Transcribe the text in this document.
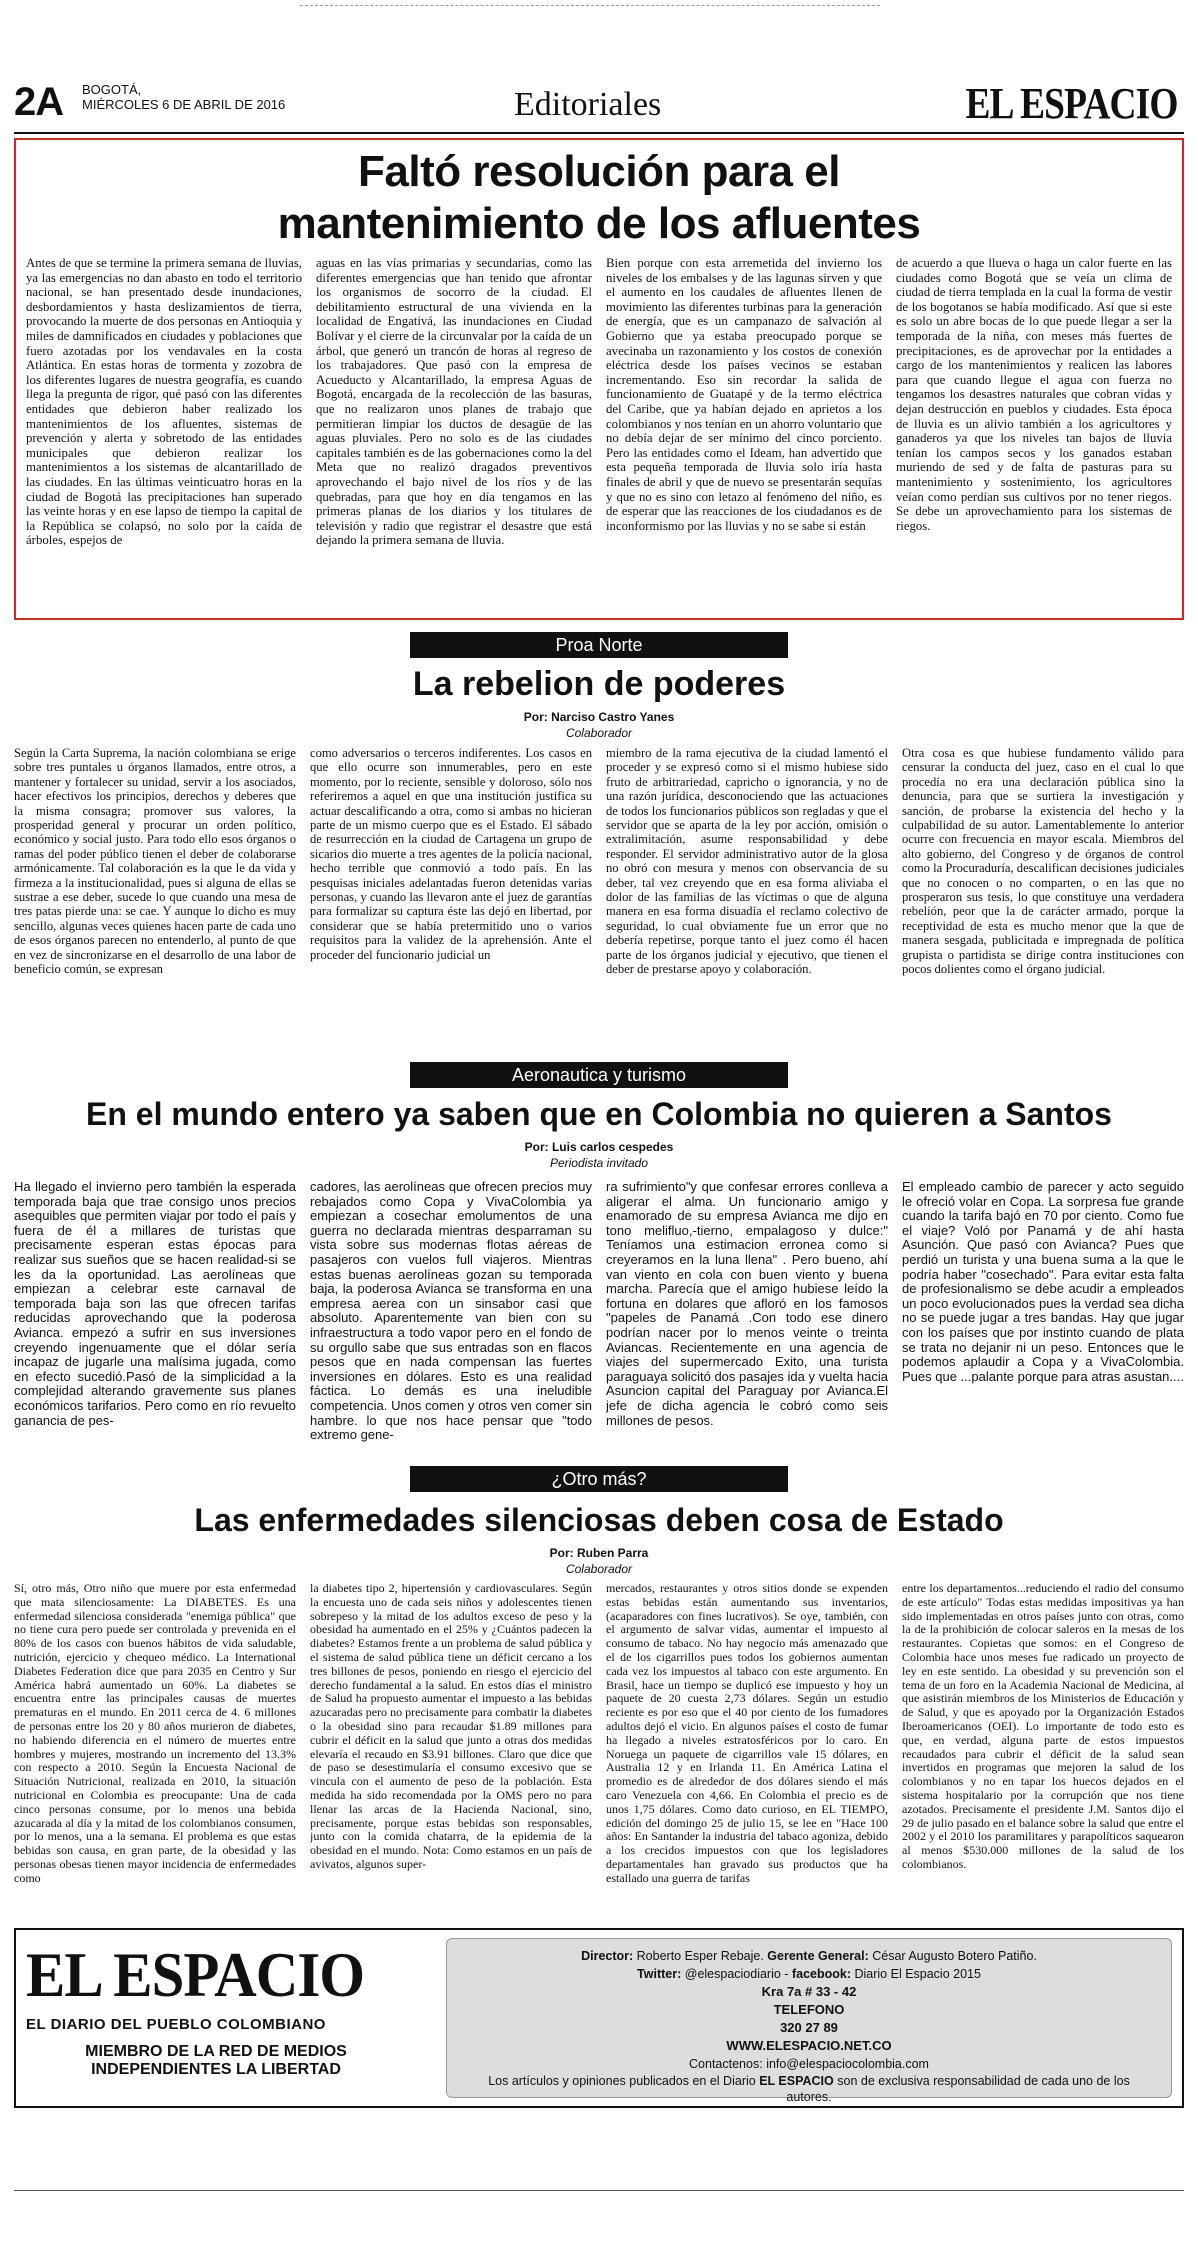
2A BOGOTÁ,
MIÉRCOLES 6 DE ABRIL DE 2016	Editoriales	EL ESPACIO
Faltó resolución para el
mantenimiento de los afluentes
Antes de que se termine la primera semana de lluvias, ya las emergencias no dan abasto en todo el territorio nacional, se han presentado desde inundaciones, desbordamientos y hasta deslizamientos de tierra, provocando la muerte de dos personas en Antioquia y miles de damnificados en ciudades y poblaciones que fuero azotadas por los vendavales en la costa Atlántica. En estas horas de tormenta y zozobra de los diferentes lugares de nuestra geografía, es cuando llega la pregunta de rigor, qué pasó con las diferentes entidades que debieron haber realizado los mantenimientos de los afluentes, sistemas de prevención y alerta y sobretodo de las entidades municipales que debieron realizar los mantenimientos a los sistemas de alcantarillado de las ciudades. En las últimas veinticuatro horas en la ciudad de Bogotá las precipitaciones han superado las veinte horas y en ese lapso de tiempo la capital de la República se colapsó, no solo por la caída de árboles, espejos de
aguas en las vías primarias y secundarias, como las diferentes emergencias que han tenido que afrontar los organismos de socorro de la ciudad. El debilitamiento estructural de una vivienda en la localidad de Engativá, las inundaciones en Ciudad Bolívar y el cierre de la circunvalar por la caída de un árbol, que generó un trancón de horas al regreso de los trabajadores. Que pasó con la empresa de Acueducto y Alcantarillado, la empresa Aguas de Bogotá, encargada de la recolección de las basuras, que no realizaron unos planes de trabajo que permitieran limpiar los ductos de desagüe de las aguas pluviales. Pero no solo es de las ciudades capitales también es de las gobernaciones como la del Meta que no realizó dragados preventivos aprovechando el bajo nivel de los ríos y de las quebradas, para que hoy en día tengamos en las primeras planas de los diarios y los titulares de televisión y radio que registrar el desastre que está dejando la primera semana de lluvia.
Bien porque con esta arremetida del invierno los niveles de los embalses y de las lagunas sirven y que el aumento en los caudales de afluentes llenen de movimiento las diferentes turbinas para la generación de energía, que es un campanazo de salvación al Gobierno que ya estaba preocupado porque se avecinaba un razonamiento y los costos de conexión eléctrica desde los países vecinos se estaban incrementando. Eso sin recordar la salida de funcionamiento de Guatapé y de la termo eléctrica del Caribe, que ya habían dejado en aprietos a los colombianos y nos tenían en un ahorro voluntario que no debía dejar de ser mínimo del cinco porciento. Pero las entidades como el Ideam, han advertido que esta pequeña temporada de lluvia solo iría hasta finales de abril y que de nuevo se presentarán sequías y que no es sino con letazo al fenómeno del niño, es de esperar que las reacciones de los ciudadanos es de inconformismo por las lluvias y no se sabe si están
de acuerdo a que llueva o haga un calor fuerte en las ciudades como Bogotá que se veía un clima de ciudad de tierra templada en la cual la forma de vestir de los bogotanos se había modificado. Así que si este es solo un abre bocas de lo que puede llegar a ser la temporada de la niña, con meses más fuertes de precipitaciones, es de aprovechar por la entidades a cargo de los mantenimientos y realicen las labores para que cuando llegue el agua con fuerza no tengamos los desastres naturales que cobran vidas y dejan destrucción en pueblos y ciudades. Esta época de lluvia es un alivio también a los agricultores y ganaderos ya que los niveles tan bajos de lluvia tenían los campos secos y los ganados estaban muriendo de sed y de falta de pasturas para su mantenimiento y sostenimiento, los agricultores veían como perdían sus cultivos por no tener riegos. Se debe un aprovechamiento para los sistemas de riegos.
Proa Norte
La rebelion de poderes
Por: Narciso Castro Yanes
Colaborador
Según la Carta Suprema, la nación colombiana se erige sobre tres puntales u órganos llamados, entre otros, a mantener y fortalecer su unidad, servir a los asociados, hacer efectivos los principios, derechos y deberes que la misma consagra; promover sus valores, la prosperidad general y procurar un orden político, económico y social justo. Para todo ello esos órganos o ramas del poder público tienen el deber de colaborarse armónicamente. Tal colaboración es la que le da vida y firmeza a la institucionalidad, pues si alguna de ellas se sustrae a ese deber, sucede lo que cuando una mesa de tres patas pierde una: se cae. Y aunque lo dicho es muy sencillo, algunas veces quienes hacen parte de cada uno de esos órganos parecen no entenderlo, al punto de que en vez de sincronizarse en el desarrollo de una labor de beneficio común, se expresan
como adversarios o terceros indiferentes. Los casos en que ello ocurre son innumerables, pero en este momento, por lo reciente, sensible y doloroso, sólo nos referiremos a aquel en que una institución justifica su actuar descalificando a otra, como si ambas no hicieran parte de un mismo cuerpo que es el Estado. El sábado de resurrección en la ciudad de Cartagena un grupo de sicarios dio muerte a tres agentes de la policía nacional, hecho terrible que conmovió a todo país. En las pesquisas iniciales adelantadas fueron detenidas varias personas, y cuando las llevaron ante el juez de garantías para formalizar su captura éste las dejó en libertad, por considerar que se había pretermitido uno o varios requisitos para la validez de la aprehensión. Ante el proceder del funcionario judicial un
miembro de la rama ejecutiva de la ciudad lamentó el proceder y se expresó como si el mismo hubiese sido fruto de arbitrariedad, capricho o ignorancia, y no de una razón jurídica, desconociendo que las actuaciones de todos los funcionarios públicos son regladas y que el servidor que se aparta de la ley por acción, omisión o extralimitación, asume responsabilidad y debe responder. El servidor administrativo autor de la glosa no obró con mesura y menos con observancia de su deber, tal vez creyendo que en esa forma aliviaba el dolor de las familias de las víctimas o que de alguna manera en esa forma disuadía el reclamo colectivo de seguridad, lo cual obviamente fue un error que no debería repetirse, porque tanto el juez como él hacen parte de los órganos judicial y ejecutivo, que tienen el deber de prestarse apoyo y colaboración.
Otra cosa es que hubiese fundamento válido para censurar la conducta del juez, caso en el cual lo que procedía no era una declaración pública sino la denuncia, para que se surtiera la investigación y sanción, de probarse la existencia del hecho y la culpabilidad de su autor. Lamentablemente lo anterior ocurre con frecuencia en mayor escala. Miembros del alto gobierno, del Congreso y de órganos de control como la Procuraduría, descalifican decisiones judiciales que no conocen o no comparten, o en las que no prosperaron sus tesis, lo que constituye una verdadera rebelión, peor que la de carácter armado, porque la receptividad de esta es mucho menor que la que de manera sesgada, publicitada e impregnada de política grupista o partidista se dirige contra instituciones con pocos dolientes como el órgano judicial.
Aeronautica y turismo
En el mundo entero ya saben que en Colombia no quieren a Santos
Por: Luis carlos cespedes
Periodista invitado
Ha llegado el invierno pero también la esperada temporada baja que trae consigo unos precios asequibles que permiten viajar por todo el país y fuera de él a millares de turistas que precisamente esperan estas épocas para realizar sus sueños que se hacen realidad-si se les da la oportunidad. Las aerolíneas que empiezan a celebrar este carnaval de temporada baja son las que ofrecen tarifas reducidas aprovechando que la poderosa Avianca. empezó a sufrir en sus inversiones creyendo ingenuamente que el dólar sería incapaz de jugarle una malísima jugada, como en efecto sucedió.Pasó de la simplicidad a la complejidad alterando gravemente sus planes económicos tarifarios. Pero como en río revuelto ganancia de pes-
cadores, las aerolíneas que ofrecen precios muy rebajados como Copa y VivaColombia ya empiezan a cosechar emolumentos de una guerra no declarada mientras desparraman su vista sobre sus modernas flotas aéreas de pasajeros con vuelos full viajeros. Mientras estas buenas aerolíneas gozan su temporada baja, la poderosa Avianca se transforma en una empresa aerea con un sinsabor casi que absoluto. Aparentemente van bien con su infraestructura a todo vapor pero en el fondo de su orgullo sabe que sus entradas son en flacos pesos que en nada compensan las fuertes inversiones en dólares. Esto es una realidad fáctica. Lo demás es una ineludible competencia. Unos comen y otros ven comer sin hambre. lo que nos hace pensar que "todo extremo gene-
ra sufrimiento"y que confesar errores conlleva a aligerar el alma. Un funcionario amigo y enamorado de su empresa Avianca me dijo en tono melifluo,-tierno, empalagoso y dulce:" Teníamos una estimacion erronea como si creyeramos en la luna llena" . Pero bueno, ahí van viento en cola con buen viento y buena marcha. Parecía que el amigo hubiese leído la fortuna en dolares que afloró en los famosos "papeles de Panamá .Con todo ese dinero podrían nacer por lo menos veinte o treinta Aviancas. Recientemente en una agencia de viajes del supermercado Exito, una turista paraguaya solicitó dos pasajes ida y vuelta hacia Asuncion capital del Paraguay por Avianca.El jefe de dicha agencia le cobró como seis millones de pesos.
El empleado cambio de parecer y acto seguido le ofreció volar en Copa. La sorpresa fue grande cuando la tarifa bajó en 70 por ciento. Como fue el viaje? Voló por Panamá y de ahí hasta Asunción. Que pasó con Avianca? Pues que perdió un turista y una buena suma a la que le podría haber "cosechado". Para evitar esta falta de profesionalismo se debe acudir a empleados un poco evolucionados pues la verdad sea dicha no se puede jugar a tres bandas. Hay que jugar con los países que por instinto cuando de plata se trata no dejanir ni un peso. Entonces que le podemos aplaudir a Copa y a VivaColombia. Pues que ...palante porque para atras asustan....
¿Otro más?
Las enfermedades silenciosas deben cosa de Estado
Por: Ruben Parra
Colaborador
Sí, otro más, Otro niño que muere por esta enfermedad que mata silenciosamente: La DIABETES. Es una enfermedad silenciosa considerada "enemiga pública" que no tiene cura pero puede ser controlada y prevenida en el 80% de los casos con buenos hábitos de vida saludable, nutrición, ejercicio y chequeo médico. La International Diabetes Federation dice que para 2035 en Centro y Sur América habrá aumentado un 60%. La diabetes se encuentra entre las principales causas de muertes prematuras en el mundo. En 2011 cerca de 4. 6 millones de personas entre los 20 y 80 años murieron de diabetes, no habiendo diferencia en el número de muertes entre hombres y mujeres, mostrando un incremento del 13.3% con respecto a 2010. Según la Encuesta Nacional de Situación Nutricional, realizada en 2010, la situación nutricional en Colombia es preocupante: Una de cada cinco personas consume, por lo menos una bebida azucarada al día y la mitad de los colombianos consumen, por lo menos, una a la semana. El problema es que estas bebidas son causa, en gran parte, de la obesidad y las personas obesas tienen mayor incidencia de enfermedades como
la diabetes tipo 2, hipertensión y cardiovasculares. Según la encuesta uno de cada seis niños y adolescentes tienen sobrepeso y la mitad de los adultos exceso de peso y la obesidad ha aumentado en el 25% y ¿Cuántos padecen la diabetes? Estamos frente a un problema de salud pública y el sistema de salud pública tiene un déficit cercano a los tres billones de pesos, poniendo en riesgo el ejercicio del derecho fundamental a la salud. En estos días el ministro de Salud ha propuesto aumentar el impuesto a las bebidas azucaradas pero no precisamente para combatir la diabetes o la obesidad sino para recaudar $1.89 millones para cubrir el déficit en la salud que junto a otras dos medidas elevaría el recaudo en $3.91 billones. Claro que dice que de paso se desestimularía el consumo excesivo que se vincula con el aumento de peso de la población. Esta medida ha sido recomendada por la OMS pero no para llenar las arcas de la Hacienda Nacional, sino, precisamente, porque estas bebidas son responsables, junto con la comida chatarra, de la epidemia de la obesidad en el mundo. Nota: Como estamos en un país de avivatos, algunos super-
mercados, restaurantes y otros sitios donde se expenden estas bebidas están aumentando sus inventarios, (acaparadores con fines lucrativos). Se oye, también, con el argumento de salvar vidas, aumentar el impuesto al consumo de tabaco. No hay negocio más amenazado que el de los cigarrillos pues todos los gobiernos aumentan cada vez los impuestos al tabaco con este argumento. En Brasil, hace un tiempo se duplicó ese impuesto y hoy un paquete de 20 cuesta 2,73 dólares. Según un estudio reciente es por eso que el 40 por ciento de los fumadores adultos dejó el vicio. En algunos países el costo de fumar ha llegado a niveles estratosféricos por lo caro. En Noruega un paquete de cigarrillos vale 15 dólares, en Australia 12 y en Irlanda 11. En América Latina el promedio es de alrededor de dos dólares siendo el más caro Venezuela con 4,66. En Colombia el precio es de unos 1,75 dólares. Como dato curioso, en EL TIEMPO, edición del domingo 25 de julio 15, se lee en "Hace 100 años: En Santander la industria del tabaco agoniza, debido a los crecidos impuestos con que los legisladores departamentales han gravado sus productos que ha estallado una guerra de tarifas
entre los departamentos...reduciendo el radio del consumo de este artículo" Todas estas medidas impositivas ya han sido implementadas en otros países junto con otras, como la de la prohibición de colocar saleros en la mesas de los restaurantes. Copietas que somos: en el Congreso de Colombia hace unos meses fue radicado un proyecto de ley en este sentido. La obesidad y su prevención son el tema de un foro en la Academia Nacional de Medicina, al que asistirán miembros de los Ministerios de Educación y de Salud, y que es apoyado por la Organización Estados Iberoamericanos (OEI). Lo importante de todo esto es que, en verdad, alguna parte de estos impuestos recaudados para cubrir el déficit de la salud sean invertidos en programas que mejoren la salud de los colombianos y no en tapar los huecos dejados en el sistema hospitalario por la corrupción que nos tiene azotados. Precisamente el presidente J.M. Santos dijo el 29 de julio pasado en el balance sobre la salud que entre el 2002 y el 2010 los paramilitares y parapolíticos saquearon al menos $530.000 millones de la salud de los colombianos.
EL ESPACIO
EL DIARIO DEL PUEBLO COLOMBIANO
MIEMBRO DE LA RED DE MEDIOS
INDEPENDIENTES LA LIBERTAD
Director: Roberto Esper Rebaje. Gerente General: César Augusto Botero Patiño.
Twitter: @elespaciodiario - facebook: Diario El Espacio 2015
Kra 7a # 33 - 42
TELEFONO
320 27 89
WWW.ELESPACIO.NET.CO
Contactenos: info@elespaciocolombia.com
Los artículos y opiniones publicados en el Diario EL ESPACIO son de exclusiva responsabilidad de cada uno de los autores.
